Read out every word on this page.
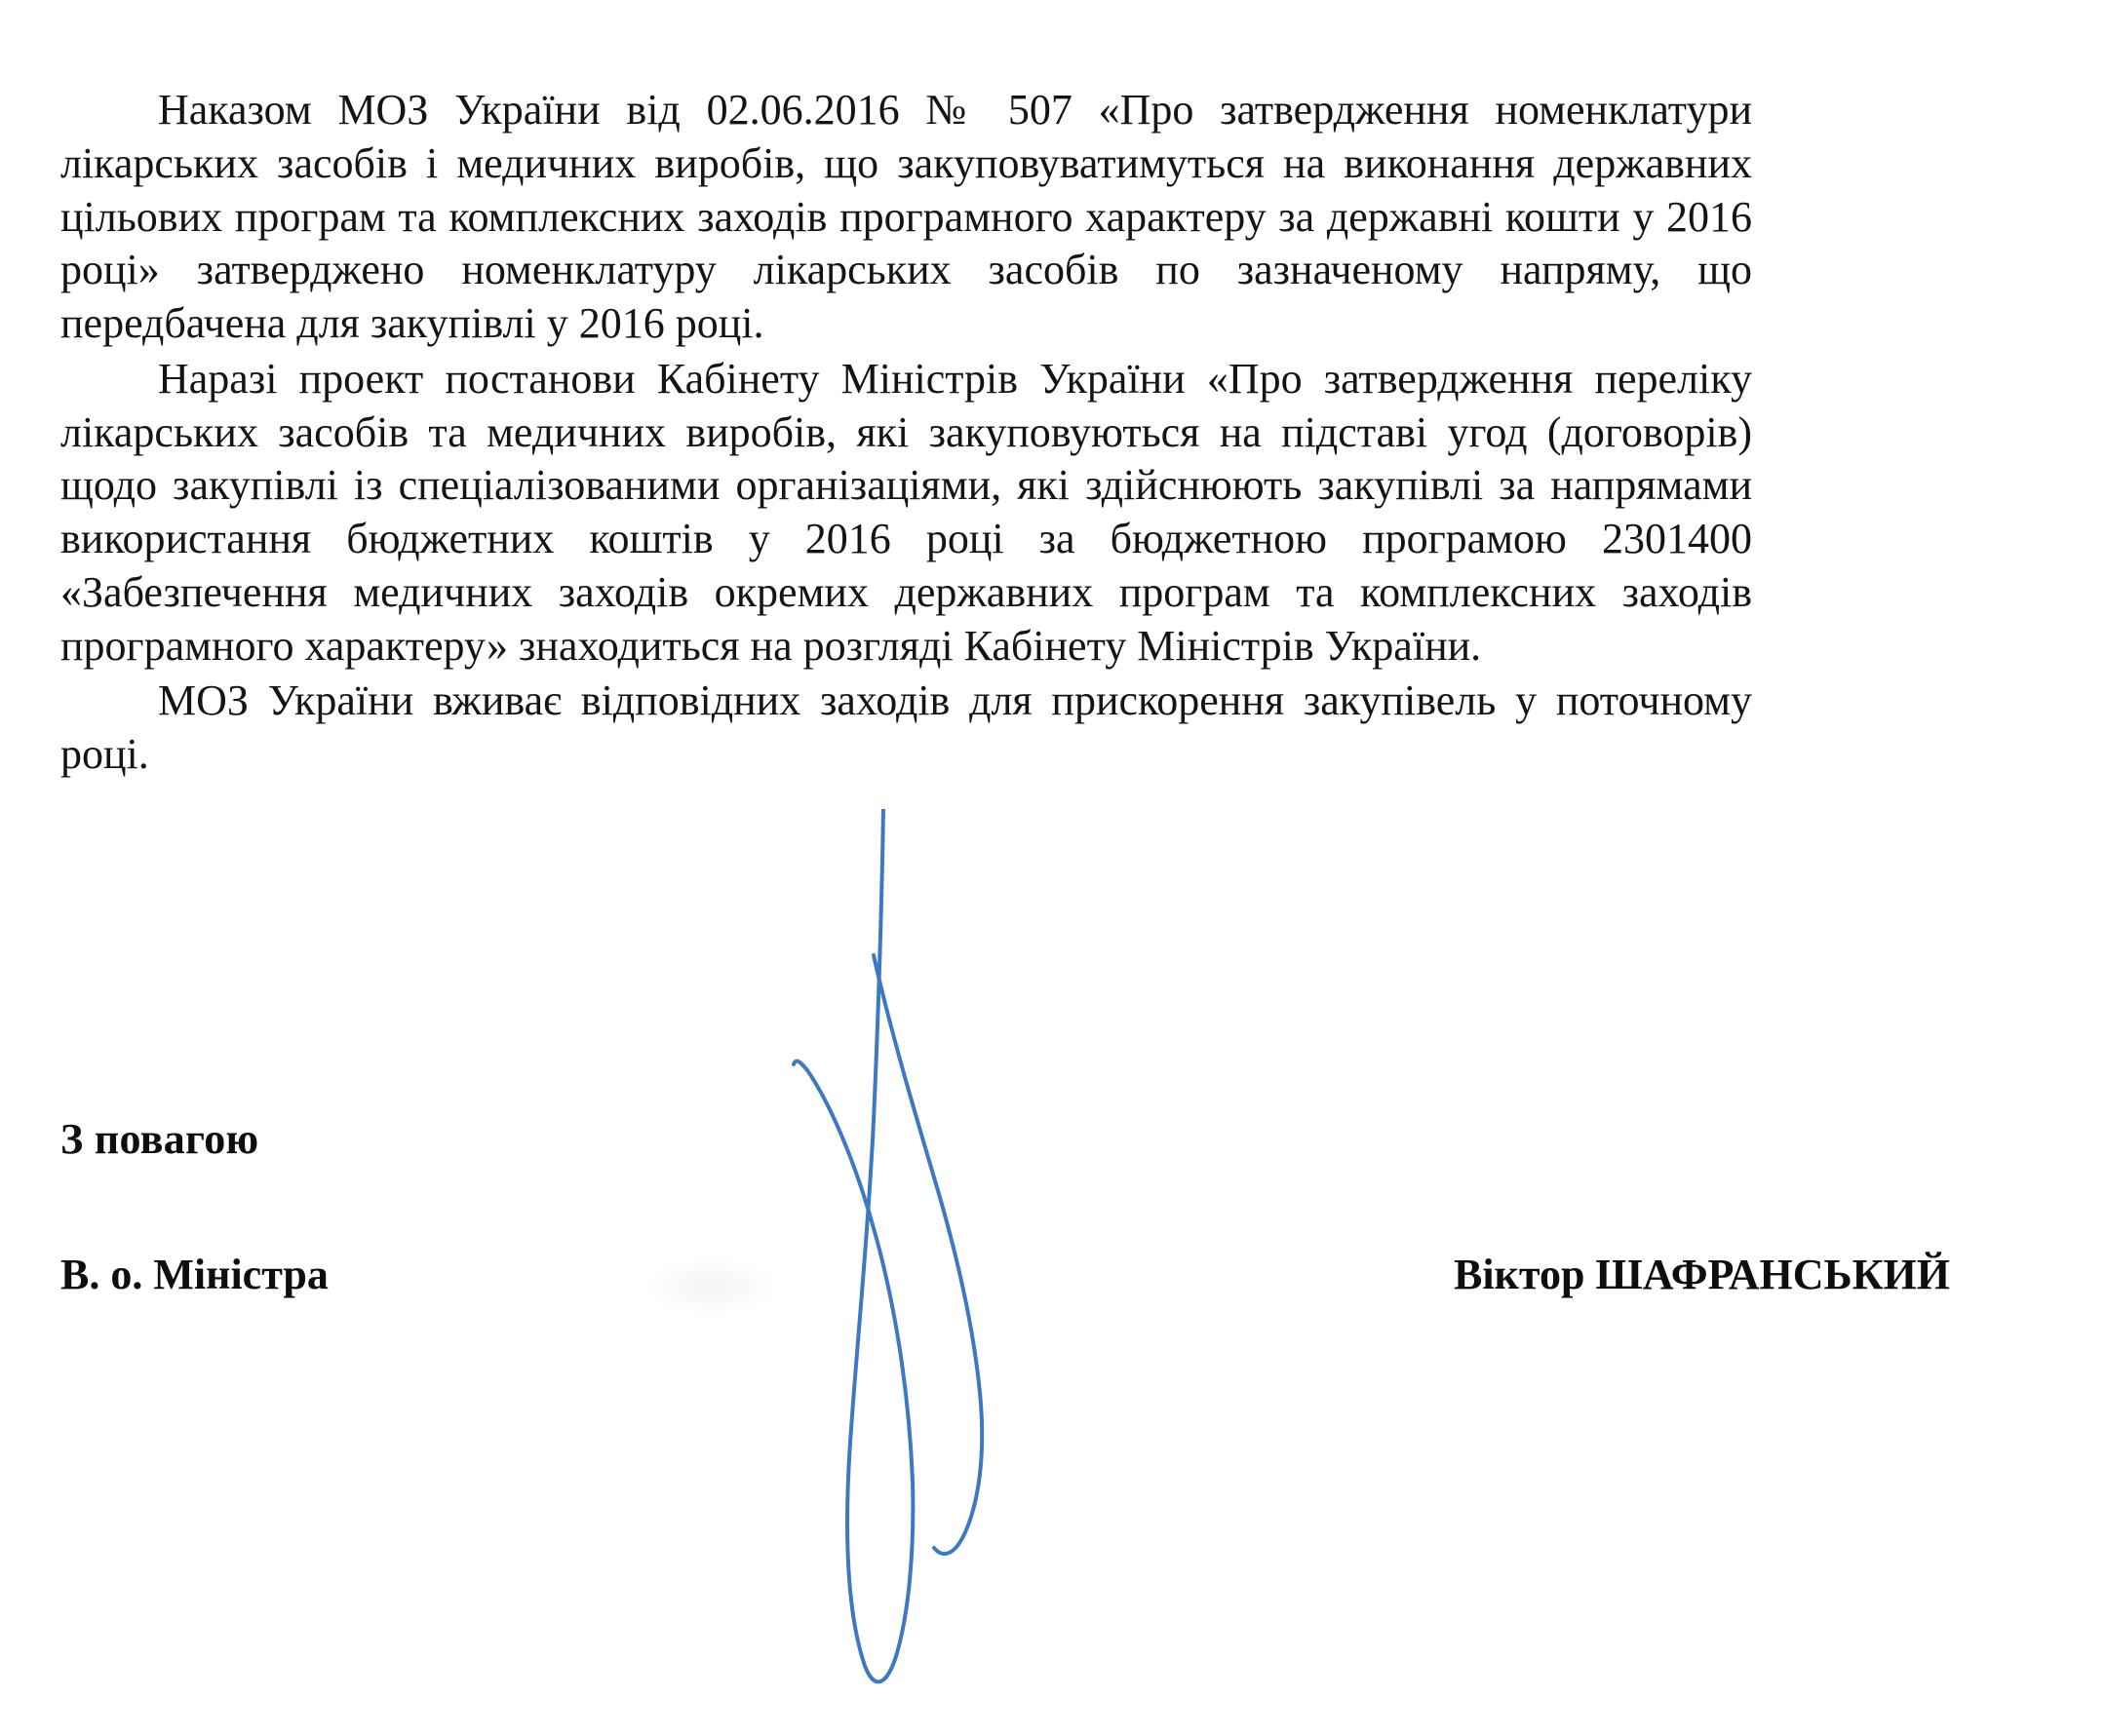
Наказом МОЗ України від 02.06.2016 № 507 «Про затвердження номенклатури лікарських засобів і медичних виробів, що закуповуватимуться на виконання державних цільових програм та комплексних заходів програмного характеру за державні кошти у 2016 році» затверджено номенклатуру лікарських засобів по зазначеному напряму, що передбачена для закупівлі у 2016 році.

Наразі проект постанови Кабінету Міністрів України «Про затвердження переліку лікарських засобів та медичних виробів, які закуповуються на підставі угод (договорів) щодо закупівлі із спеціалізованими організаціями, які здійснюють закупівлі за напрямами використання бюджетних коштів у 2016 році за бюджетною програмою 2301400 «Забезпечення медичних заходів окремих державних програм та комплексних заходів програмного характеру» знаходиться на розгляді Кабінету Міністрів України.

МОЗ України вживає відповідних заходів для прискорення закупівель у поточному році.

З повагою
В. о. Міністра	Віктор ШАФРАНСЬКИЙ
